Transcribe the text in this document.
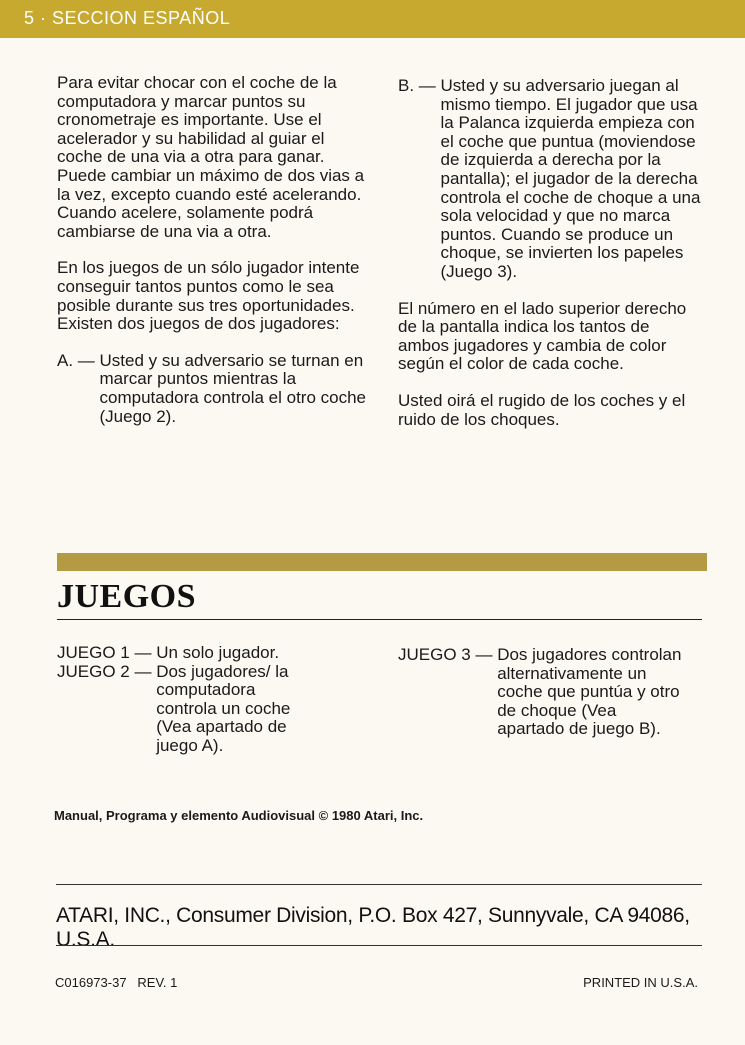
5 · SECCION ESPAÑOL

Para evitar chocar con el coche de la computadora y marcar puntos su cronometraje es importante. Use el acelerador y su habilidad al guiar el coche de una via a otra para ganar. Puede cambiar un máximo de dos vias a la vez, excepto cuando esté acelerando. Cuando acelere, solamente podrá cambiarse de una via a otra.

En los juegos de un sólo jugador intente conseguir tantos puntos como le sea posible durante sus tres oportunidades. Existen dos juegos de dos jugadores:

A. — Usted y su adversario se turnan en marcar puntos mientras la computadora controla el otro coche (Juego 2).
B. — Usted y su adversario juegan al mismo tiempo. El jugador que usa la Palanca izquierda empieza con el coche que puntua (moviendose de izquierda a derecha por la pantalla); el jugador de la derecha controla el coche de choque a una sola velocidad y que no marca puntos. Cuando se produce un choque, se invierten los papeles (Juego 3).

El número en el lado superior derecho de la pantalla indica los tantos de ambos jugadores y cambia de color según el color de cada coche.

Usted oirá el rugido de los coches y el ruido de los choques.

JUEGOS
JUEGO 1 — Un solo jugador.
JUEGO 2 — Dos jugadores/ la computadora controla un coche (Vea apartado de juego A).
JUEGO 3 — Dos jugadores controlan alternativamente un coche que puntúa y otro de choque (Vea apartado de juego B).
Manual, Programa y elemento Audiovisual © 1980 Atari, Inc.
ATARI, INC., Consumer Division, P.O. Box 427, Sunnyvale, CA 94086, U.S.A.
C016973-37   REV. 1	PRINTED IN U.S.A.
